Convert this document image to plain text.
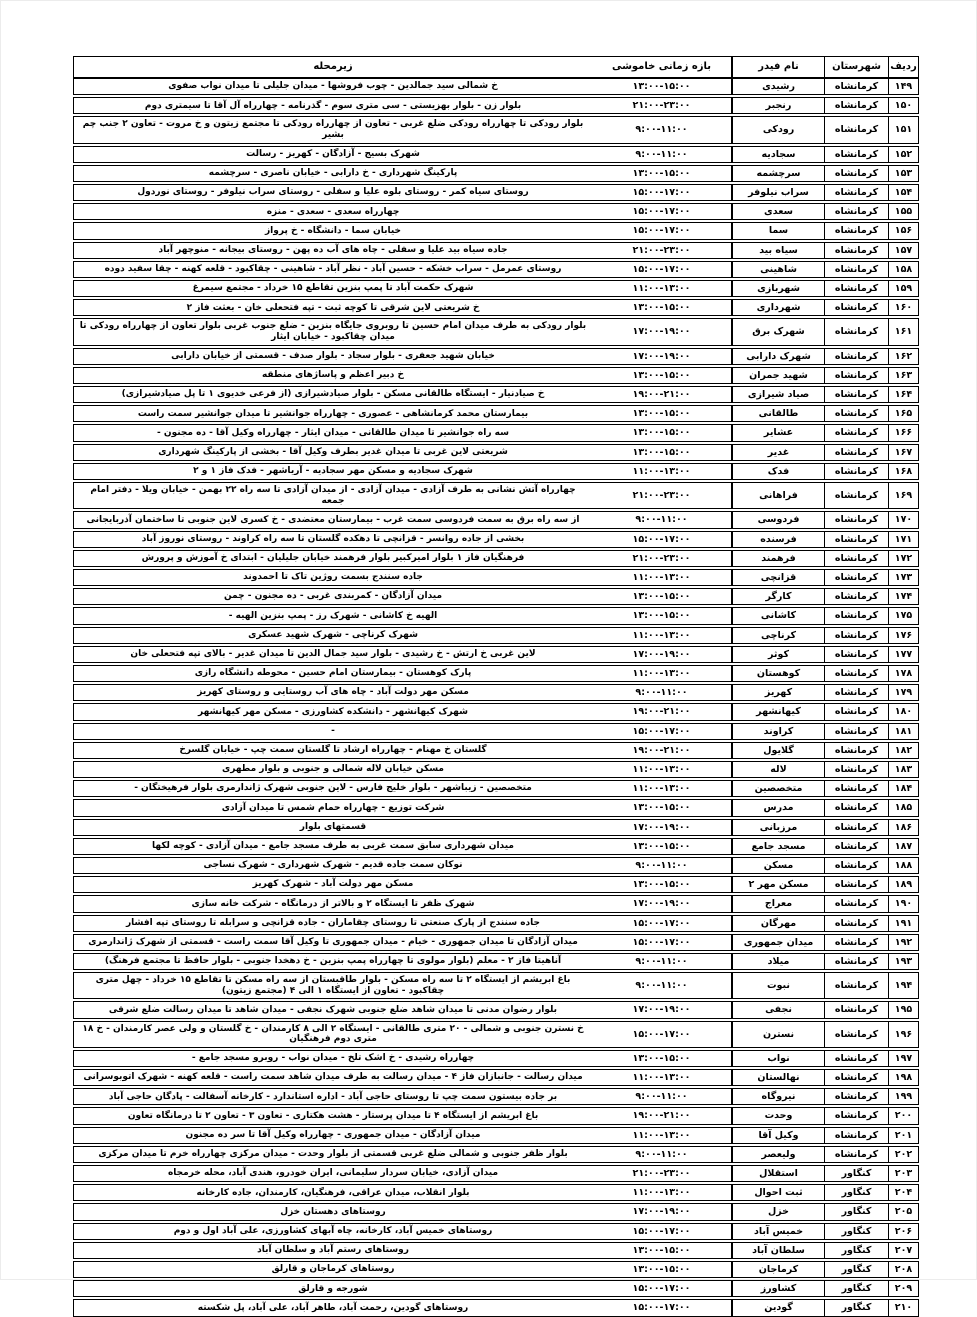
ردیف
شهرستان
نام فیدر
بازه زمانی خاموشی
زیرمحله
۱۴۹
کرمانشاه
رشیدی
۱۳:۰۰-۱۵:۰۰
خ شمالی سید جمالدین - چوب فروشها - میدان جلیلی تا میدان نواب صفوی
۱۵۰
کرمانشاه
رنجبر
۲۱:۰۰-۲۳:۰۰
بلوار زن - بلوار بهزیستی - سی متری سوم - گذرنامه - چهارراه آل آقا تا سیمتری دوم
۱۵۱
کرمانشاه
رودکی
۹:۰۰-۱۱:۰۰
بلوار رودکی تا چهارراه رودکی ضلع غربی - تعاون از چهارراه رودکی تا مجتمع زیتون و خ مروت - تعاون ۲ جنب چم بشیر
۱۵۲
کرمانشاه
سجادیه
۹:۰۰-۱۱:۰۰
شهرک بسیج - آزادگان - کهریز - رسالت
۱۵۳
کرمانشاه
سرچشمه
۱۳:۰۰-۱۵:۰۰
پارکینگ شهرداری - خ دارابی - خیابان ناصری - سرچشمه
۱۵۴
کرمانشاه
سراب نیلوفر
۱۵:۰۰-۱۷:۰۰
روستای سیاه کمر - روستای بلوه علیا و سفلی - روستای سراب نیلوفر - روستای نوردول
۱۵۵
کرمانشاه
سعدی
۱۵:۰۰-۱۷:۰۰
چهارراه سعدی - سعدی - منزه
۱۵۶
کرمانشاه
سما
۱۵:۰۰-۱۷:۰۰
خیابان سما - دانشگاه - خ پرواز
۱۵۷
کرمانشاه
سیاه بید
۲۱:۰۰-۲۳:۰۰
جاده سیاه بید علیا و سفلی - چاه های آب ده پهن - روستای بیجانه - منوچهر آباد
۱۵۸
کرمانشاه
شاهینی
۱۵:۰۰-۱۷:۰۰
روستای عمرمل - سراب خشکه - حسین آباد - نظر آباد - شاهینی - چقاکبود - قلعه کهنه - چقا سفید دوده
۱۵۹
کرمانشاه
شهربازی
۱۱:۰۰-۱۳:۰۰
شهرک حکمت آباد تا پمپ بنزین تقاطع ۱۵ خرداد - مجتمع سیمرغ
۱۶۰
کرمانشاه
شهرداری
۱۳:۰۰-۱۵:۰۰
خ شریعتی لاین شرقی تا کوچه ثبت - تپه فتحعلی خان - بعثت فاز ۲
۱۶۱
کرمانشاه
شهرک برق
۱۷:۰۰-۱۹:۰۰
بلوار رودکی به طرف میدان امام حسین تا روبروی جایگاه بنزین - ضلع جنوب غربی بلوار تعاون از چهارراه رودکی تا میدان چقاکبود - خیابان ایثار
۱۶۲
کرمانشاه
شهرک دارابی
۱۷:۰۰-۱۹:۰۰
خیابان شهید جعفری - بلوار سجاد - بلوار صدف - قسمتی از خیابان دارابی
۱۶۳
کرمانشاه
شهید جمران
۱۳:۰۰-۱۵:۰۰
خ دبیر اعظم و پاساژهای منطقه
۱۶۴
کرمانشاه
صیاد شیرازی
۱۹:۰۰-۲۱:۰۰
خ صیادنیار - ایستگاه طالقانی مسکن - بلوار صیادشیرازی (از فرعی خدیوی ۱ تا پل صیادشیرازی)
۱۶۵
کرمانشاه
طالقانی
۱۳:۰۰-۱۵:۰۰
بیمارستان محمد کرمانشاهی - عصوری - چهارراه جوانشیر تا میدان جوانشیر سمت راست
۱۶۶
کرمانشاه
عشایر
۱۳:۰۰-۱۵:۰۰
سه راه جوانشیر تا میدان طالقانی - میدان ایثار - چهارراه وکیل آقا - ده مجنون -
۱۶۷
کرمانشاه
غدیر
۱۳:۰۰-۱۵:۰۰
شریعتی لاین غربی تا میدان غدیر بطرف وکیل آقا - بخشی از پارکینگ شهرداری
۱۶۸
کرمانشاه
فدک
۱۱:۰۰-۱۳:۰۰
شهرک سجادیه و مسکن مهر سجادیه - آریاشهر - فدک فاز ۱ و ۲
۱۶۹
کرمانشاه
فراهانی
۲۱:۰۰-۲۳:۰۰
چهارراه آتش نشانی به طرف آزادی - میدان آزادی - از میدان آزادی تا سه راه ۲۲ بهمن - خیابان ویلا - دفتر امام جمعه
۱۷۰
کرمانشاه
فردوسی
۹:۰۰-۱۱:۰۰
از سه راه برق به سمت فردوسی سمت غرب - بیمارستان معتضدی - خ کسری لاین جنوبی تا ساختمان آذربایجانی
۱۷۱
کرمانشاه
فرسنده
۱۵:۰۰-۱۷:۰۰
بخشی از جاده روانسر - قزانچی تا دهکده گلستان تا سه راه کراوند - روستای نوروز آباد
۱۷۲
کرمانشاه
فرهمند
۲۱:۰۰-۲۳:۰۰
فرهنگیان فاز ۱ بلوار امیرکبیر بلوار فرهمند خیابان جلیلیان - ابتدای خ آموزش و پرورش
۱۷۳
کرمانشاه
قزانچی
۱۱:۰۰-۱۳:۰۰
جاده سنندج بسمت روژین تاک تا احمدوند
۱۷۴
کرمانشاه
کارگر
۱۳:۰۰-۱۵:۰۰
میدان آزادگان - کمربندی غربی - ده مجنون - چمن
۱۷۵
کرمانشاه
کاشانی
۱۳:۰۰-۱۵:۰۰
الهیه خ کاشانی - شهرک رز - پمپ بنزین الهیه -
۱۷۶
کرمانشاه
کرناچی
۱۱:۰۰-۱۳:۰۰
شهرک کرناچی - شهرک شهید عسکری
۱۷۷
کرمانشاه
کوثر
۱۷:۰۰-۱۹:۰۰
لاین غربی خ ارتش - خ رشیدی - بلوار سید جمال الدین تا میدان غدیر - بالای تپه فتحعلی خان
۱۷۸
کرمانشاه
کوهستان
۱۱:۰۰-۱۳:۰۰
پارک کوهستان - بیمارستان امام حسین - محوطه دانشگاه رازی
۱۷۹
کرمانشاه
کهریز
۹:۰۰-۱۱:۰۰
مسکن مهر دولت آباد - چاه های آب روستایی و روستای کهریز
۱۸۰
کرمانشاه
کیهانشهر
۱۹:۰۰-۲۱:۰۰
شهرک کیهانشهر - دانشکده کشاورزی - مسکن مهر کیهانشهر
۱۸۱
کرمانشاه
کراوند
۱۵:۰۰-۱۷:۰۰
-
۱۸۲
کرمانشاه
گلایول
۱۹:۰۰-۲۱:۰۰
گلستان خ مهنام - چهارراه ارشاد تا گلستان سمت چپ - خیابان گلسرخ
۱۸۳
کرمانشاه
لاله
۱۱:۰۰-۱۳:۰۰
مسکن خیابان لاله شمالی و جنوبی و بلوار مطهری
۱۸۴
کرمانشاه
متخصصین
۱۱:۰۰-۱۳:۰۰
متخصصین - زیباشهر - بلوار خلیج فارس - لاین جنوبی شهرک ژاندارمری بلوار فرهیختگان -
۱۸۵
کرمانشاه
مدرس
۱۳:۰۰-۱۵:۰۰
شرکت توزیع - چهارراه حمام شمس تا میدان آزادی
۱۸۶
کرمانشاه
مرزبانی
۱۷:۰۰-۱۹:۰۰
قسمتهای بلوار
۱۸۷
کرمانشاه
مسجد جامع
۱۳:۰۰-۱۵:۰۰
میدان شهرداری سابق سمت غربی به طرف مسجد جامع - میدان آزادی - کوچه لکها
۱۸۸
کرمانشاه
مسکن
۹:۰۰-۱۱:۰۰
نوکان سمت جاده قدیم - شهرک شهرداری - شهرک نساجی
۱۸۹
کرمانشاه
مسکن مهر ۲
۱۳:۰۰-۱۵:۰۰
مسکن مهر دولت آباد - شهرک کهریز
۱۹۰
کرمانشاه
معراج
۱۷:۰۰-۱۹:۰۰
شهرک ظفر تا ایستگاه ۲ و بالاتر از درمانگاه - شرکت خانه سازی
۱۹۱
کرمانشاه
مهرگان
۱۵:۰۰-۱۷:۰۰
جاده سنندج از پارک صنعتی تا روستای چقاماران - جاده قزانچی و سرابله تا روستای تپه افشار
۱۹۲
کرمانشاه
میدان جمهوری
۱۵:۰۰-۱۷:۰۰
میدان آزادگان تا میدان جمهوری - خیام - میدان جمهوری تا وکیل آقا سمت راست - قسمتی از شهرک ژاندارمری
۱۹۳
کرمانشاه
میلاد
۹:۰۰-۱۱:۰۰
آناهیتا فاز ۲ - معلم (بلوار مولوی تا چهارراه پمپ بنزین - خ دهخدا جنوبی - بلوار حافظ تا مجتمع فرهنگ)
۱۹۴
کرمانشاه
نبوت
۹:۰۰-۱۱:۰۰
باغ ابریشم از ایستگاه ۲ تا سه راه مسکن - بلوار طاقبستان از سه راه مسکن تا تقاطع ۱۵ خرداد - چهل متری چقاکبود - تعاون از ایستگاه ۱ الی ۴ (مجتمع زیتون)
۱۹۵
کرمانشاه
نجفی
۱۷:۰۰-۱۹:۰۰
بلوار رضوان مدنی تا میدان شاهد ضلع جنوبی شهرک نجفی - میدان شاهد تا میدان رسالت ضلع شرقی
۱۹۶
کرمانشاه
نسترن
۱۵:۰۰-۱۷:۰۰
خ نسترن جنوبی و شمالی - ۲۰ متری طالقانی - ایستگاه ۲ الی ۸ کارمندان - خ گلستان و ولی عصر کارمندان - خ ۱۸ متری دوم فرهنگیان
۱۹۷
کرمانشاه
نواب
۱۳:۰۰-۱۵:۰۰
چهارراه رشیدی - خ اشک تلخ - میدان نواب - روبرو مسجد جامع -
۱۹۸
کرمانشاه
نهالستان
۱۱:۰۰-۱۳:۰۰
میدان رسالت - جانبازان فاز ۴ - میدان رسالت به طرف میدان شاهد سمت راست - قلعه کهنه - شهرک اتوبوسرانی
۱۹۹
کرمانشاه
نیروگاه
۹:۰۰-۱۱:۰۰
بر جاده بیستون سمت چپ تا روستای حاجی آباد - اداره استاندارد - کارخانه آسفالت - پادگان حاجی آباد
۲۰۰
کرمانشاه
وحدت
۱۹:۰۰-۲۱:۰۰
باغ ابریشم از ایستگاه ۴ تا میدان پرستار - هشت هکتاری - تعاون ۳ - تعاون ۲ تا درمانگاه تعاون
۲۰۱
کرمانشاه
وکیل آقا
۱۱:۰۰-۱۳:۰۰
میدان آزادگان - میدان جمهوری - چهارراه وکیل آقا تا سر ده مجنون
۲۰۲
کرمانشاه
ولیعصر
۹:۰۰-۱۱:۰۰
بلوار ظفر جنوبی و شمالی ضلع غربی قسمتی از بلوار وحدت - میدان مرکزی چهارراه خرم تا میدان مرکزی
۲۰۳
کنگاور
استقلال
۲۱:۰۰-۲۳:۰۰
میدان آزادی، خیابان سردار سلیمانی، ایران خودرو، هندی آباد، محله خرمجاه
۲۰۴
کنگاور
ثبت احوال
۱۱:۰۰-۱۳:۰۰
بلوار انقلاب، میدان عراقی، فرهنگیان، کارمندان، جاده کارخانه
۲۰۵
کنگاور
خزل
۱۷:۰۰-۱۹:۰۰
روستاهای دهستان خزل
۲۰۶
کنگاور
خمیس آباد
۱۵:۰۰-۱۷:۰۰
روستاهای خمیس آباد، کارخانه، چاه آبهای کشاورزی، علی آباد اول و دوم
۲۰۷
کنگاور
سلطان آباد
۱۳:۰۰-۱۵:۰۰
روستاهای رستم آباد و سلطان آباد
۲۰۸
کنگاور
کرماجان
۱۳:۰۰-۱۵:۰۰
روستاهای کرماجان و قارلق
۲۰۹
کنگاور
کشاورز
۱۵:۰۰-۱۷:۰۰
شورجه و قارلق
۲۱۰
کنگاور
گودین
۱۵:۰۰-۱۷:۰۰
روستاهای گودین، رحمت آباد، طاهر آباد، علی آباد، پل شکسته
